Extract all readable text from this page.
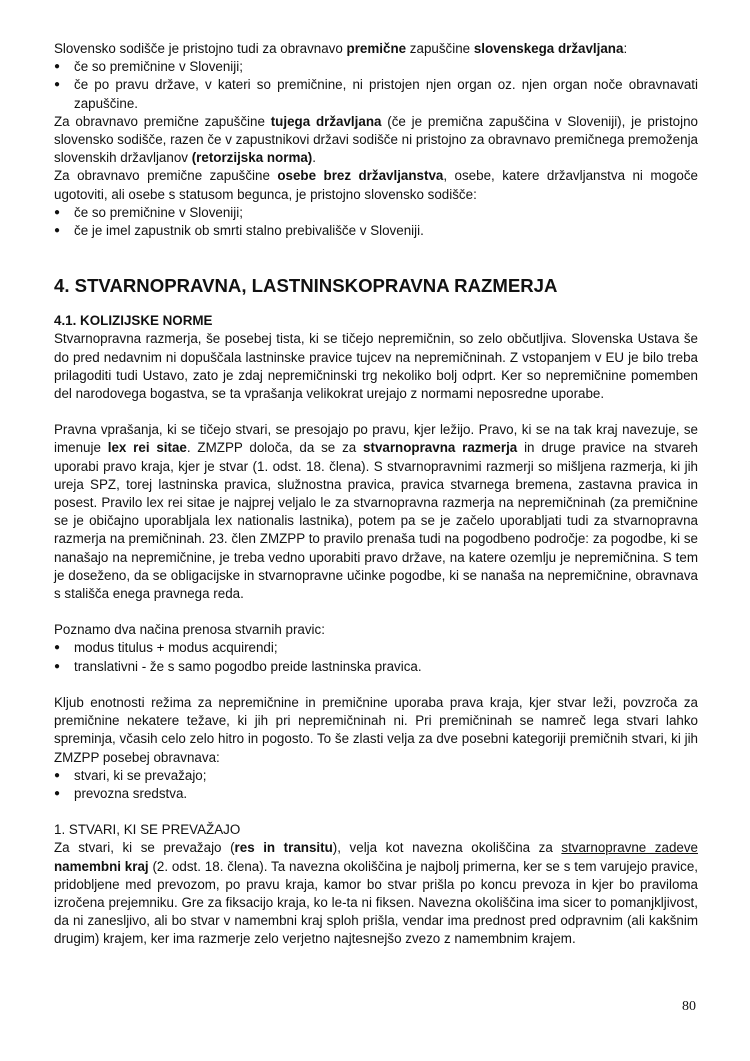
Slovensko sodišče je pristojno tudi za obravnavo premične zapuščine slovenskega državljana:

● če so premičnine v Sloveniji;
● če po pravu države, v kateri so premičnine, ni pristojen njen organ oz. njen organ noče obravnavati zapuščine.

Za obravnavo premične zapuščine tujega državljana (če je premična zapuščina v Sloveniji), je pristojno slovensko sodišče, razen če v zapustnikovi državi sodišče ni pristojno za obravnavo premičnega premoženja slovenskih državljanov (retorzijska norma).

Za obravnavo premične zapuščine osebe brez državljanstva, osebe, katere državljanstva ni mogoče ugotoviti, ali osebe s statusom begunca, je pristojno slovensko sodišče:

● če so premičnine v Sloveniji;
● če je imel zapustnik ob smrti stalno prebivališče v Sloveniji.
4. STVARNOPRAVNA, LASTNINSKOPRAVNA RAZMERJA

4.1. KOLIZIJSKE NORME

Stvarnopravna razmerja, še posebej tista, ki se tičejo nepremičnin, so zelo občutljiva. Slovenska Ustava še do pred nedavnim ni dopuščala lastninske pravice tujcev na nepremičninah. Z vstopanjem v EU je bilo treba prilagoditi tudi Ustavo, zato je zdaj nepremičninski trg nekoliko bolj odprt. Ker so nepremičnine pomemben del narodovega bogastva, se ta vprašanja velikokrat urejajo z normami neposredne uporabe.

Pravna vprašanja, ki se tičejo stvari, se presojajo po pravu, kjer ležijo. Pravo, ki se na tak kraj navezuje, se imenuje lex rei sitae. ZMZPP določa, da se za stvarnopravna razmerja in druge pravice na stvareh uporabi pravo kraja, kjer je stvar (1. odst. 18. člena). S stvarnopravnimi razmerji so mišljena razmerja, ki jih ureja SPZ, torej lastninska pravica, služnostna pravica, pravica stvarnega bremena, zastavna pravica in posest. Pravilo lex rei sitae je najprej veljalo le za stvarnopravna razmerja na nepremičninah (za premičnine se je običajno uporabljala lex nationalis lastnika), potem pa se je začelo uporabljati tudi za stvarnopravna razmerja na premičninah. 23. člen ZMZPP to pravilo prenaša tudi na pogodbeno področje: za pogodbe, ki se nanašajo na nepremičnine, je treba vedno uporabiti pravo države, na katere ozemlju je nepremičnina. S tem je doseženo, da se obligacijske in stvarnopravne učinke pogodbe, ki se nanaša na nepremičnine, obravnava s stališča enega pravnega reda.

Poznamo dva načina prenosa stvarnih pravic:

● modus titulus + modus acquirendi;
● translativni - že s samo pogodbo preide lastninska pravica.

Kljub enotnosti režima za nepremičnine in premičnine uporaba prava kraja, kjer stvar leži, povzroča za premičnine nekatere težave, ki jih pri nepremičninah ni. Pri premičninah se namreč lega stvari lahko spreminja, včasih celo zelo hitro in pogosto. To še zlasti velja za dve posebni kategoriji premičnih stvari, ki jih ZMZPP posebej obravnava:

● stvari, ki se prevažajo;
● prevozna sredstva.

1. STVARI, KI SE PREVAŽAJO

Za stvari, ki se prevažajo (res in transitu), velja kot navezna okoliščina za stvarnopravne zadeve namembni kraj (2. odst. 18. člena). Ta navezna okoliščina je najbolj primerna, ker se s tem varujejo pravice, pridobljene med prevozom, po pravu kraja, kamor bo stvar prišla po koncu prevoza in kjer bo praviloma izročena prejemniku. Gre za fiksacijo kraja, ko le-ta ni fiksen. Navezna okoliščina ima sicer to pomanjkljivost, da ni zanesljivo, ali bo stvar v namembni kraj sploh prišla, vendar ima prednost pred odpravnim (ali kakšnim drugim) krajem, ker ima razmerje zelo verjetno najtesnejšo zvezo z namembnim krajem.

80
